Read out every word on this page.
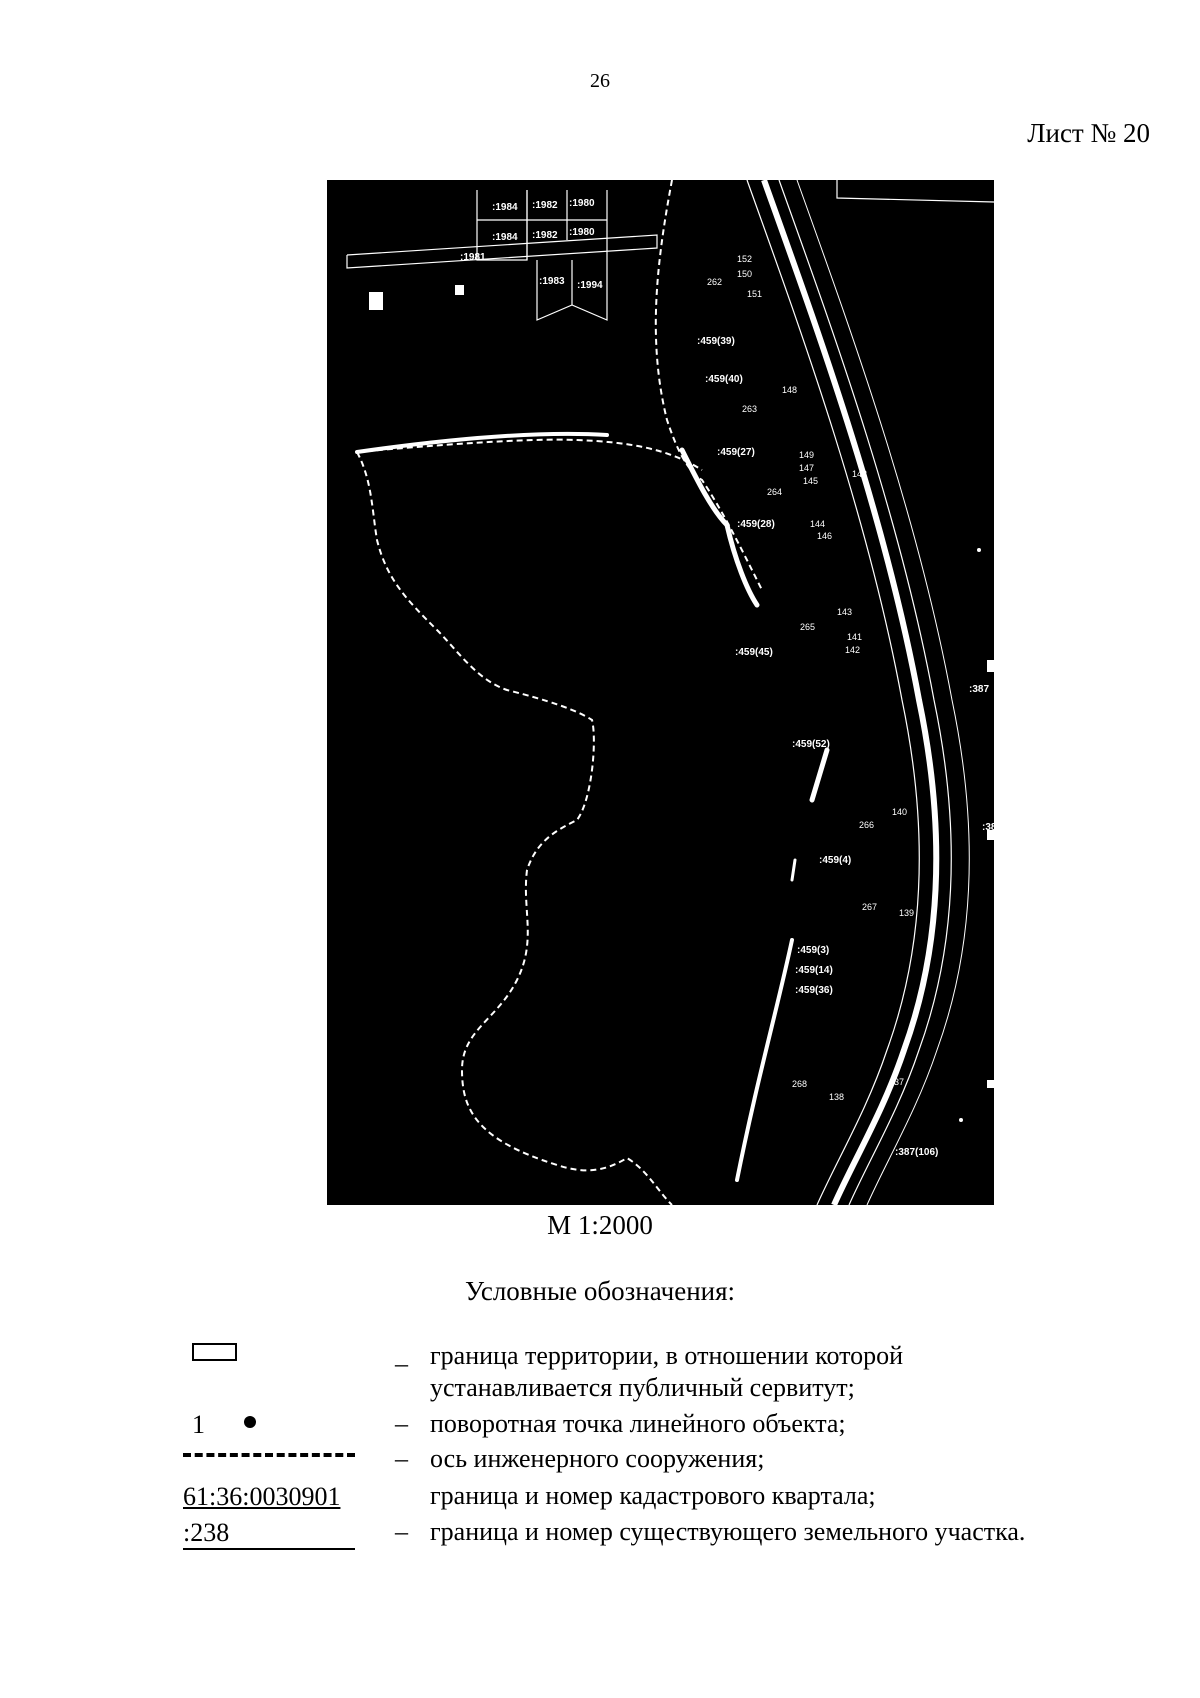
26
Лист № 20
:1984 :1982 :1980
:1984 :1982 :1980
:1981
:1983 :1994
152
262
150
151
:459(39)
:459(40)
148
263
:459(27)	149
147
145
264
143
:459(28)	144
146
143
265
141
142
:459(45)
:387
:459(52)
140
266	:38
:459(4)
267
139
:459(3)
:459(14)
:459(36)
268
138
137
:387(106)
М 1:2000
Условные обозначения:
– граница территории, в отношении которой
устанавливается публичный сервитут;
1	– поворотная точка линейного объекта;
– ось инженерного сооружения;
61:36:0030901	граница и номер кадастрового квартала;
:238	– граница и номер существующего земельного участка.
